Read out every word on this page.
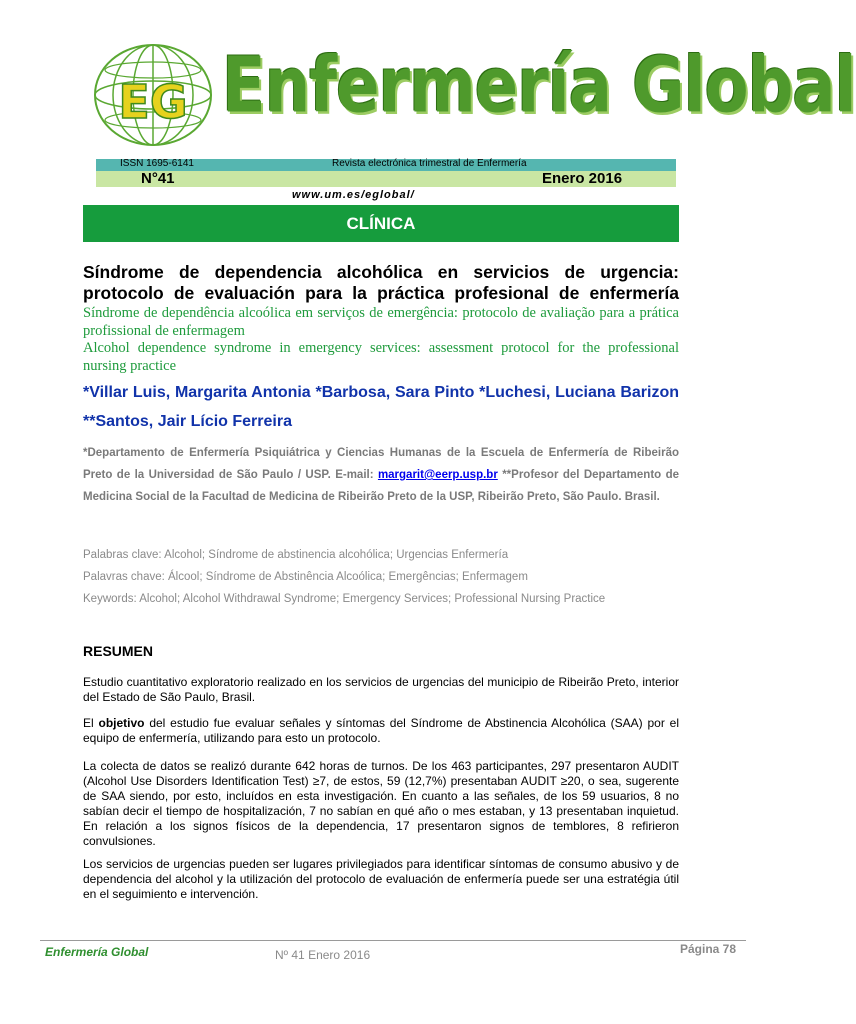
EG Enfermería Global
ISSN 1695-6141	Revista electrónica trimestral de Enfermería
N°41	Enero 2016
www.um.es/eglobal/
CLÍNICA
Síndrome de dependencia alcohólica en servicios de urgencia: protocolo de evaluación para la práctica profesional de enfermería
Síndrome de dependência alcoólica em serviços de emergência: protocolo de avaliação para a prática profissional de enfermagem
Alcohol dependence syndrome in emergency services: assessment protocol for the professional nursing practice
*Villar Luis, Margarita Antonia *Barbosa, Sara Pinto *Luchesi, Luciana Barizon **Santos, Jair Lício Ferreira
*Departamento de Enfermería Psiquiátrica y Ciencias Humanas de la Escuela de Enfermería de Ribeirão Preto de la Universidad de São Paulo / USP. E-mail: margarit@eerp.usp.br **Profesor del Departamento de Medicina Social de la Facultad de Medicina de Ribeirão Preto de la USP, Ribeirão Preto, São Paulo. Brasil.
Palabras clave: Alcohol; Síndrome de abstinencia alcohólica; Urgencias Enfermería
Palavras chave: Álcool; Síndrome de Abstinência Alcoólica; Emergências; Enfermagem
Keywords: Alcohol; Alcohol Withdrawal Syndrome; Emergency Services; Professional Nursing Practice
RESUMEN
Estudio cuantitativo exploratorio realizado en los servicios de urgencias del municipio de Ribeirão Preto, interior del Estado de São Paulo, Brasil.
El objetivo del estudio fue evaluar señales y síntomas del Síndrome de Abstinencia Alcohólica (SAA) por el equipo de enfermería, utilizando para esto un protocolo.
La colecta de datos se realizó durante 642 horas de turnos. De los 463 participantes, 297 presentaron AUDIT (Alcohol Use Disorders Identification Test) ≥7, de estos, 59 (12,7%) presentaban AUDIT ≥20, o sea, sugerente de SAA siendo, por esto, incluídos en esta investigación. En cuanto a las señales, de los 59 usuarios, 8 no sabían decir el tiempo de hospitalización, 7 no sabían en qué año o mes estaban, y 13 presentaban inquietud. En relación a los signos físicos de la dependencia, 17 presentaron signos de temblores, 8 refirieron convulsiones.
Los servicios de urgencias pueden ser lugares privilegiados para identificar síntomas de consumo abusivo y de dependencia del alcohol y la utilización del protocolo de evaluación de enfermería puede ser una estratégia útil en el seguimiento e intervención.
Enfermería Global	Nº 41 Enero 2016	Página 78
